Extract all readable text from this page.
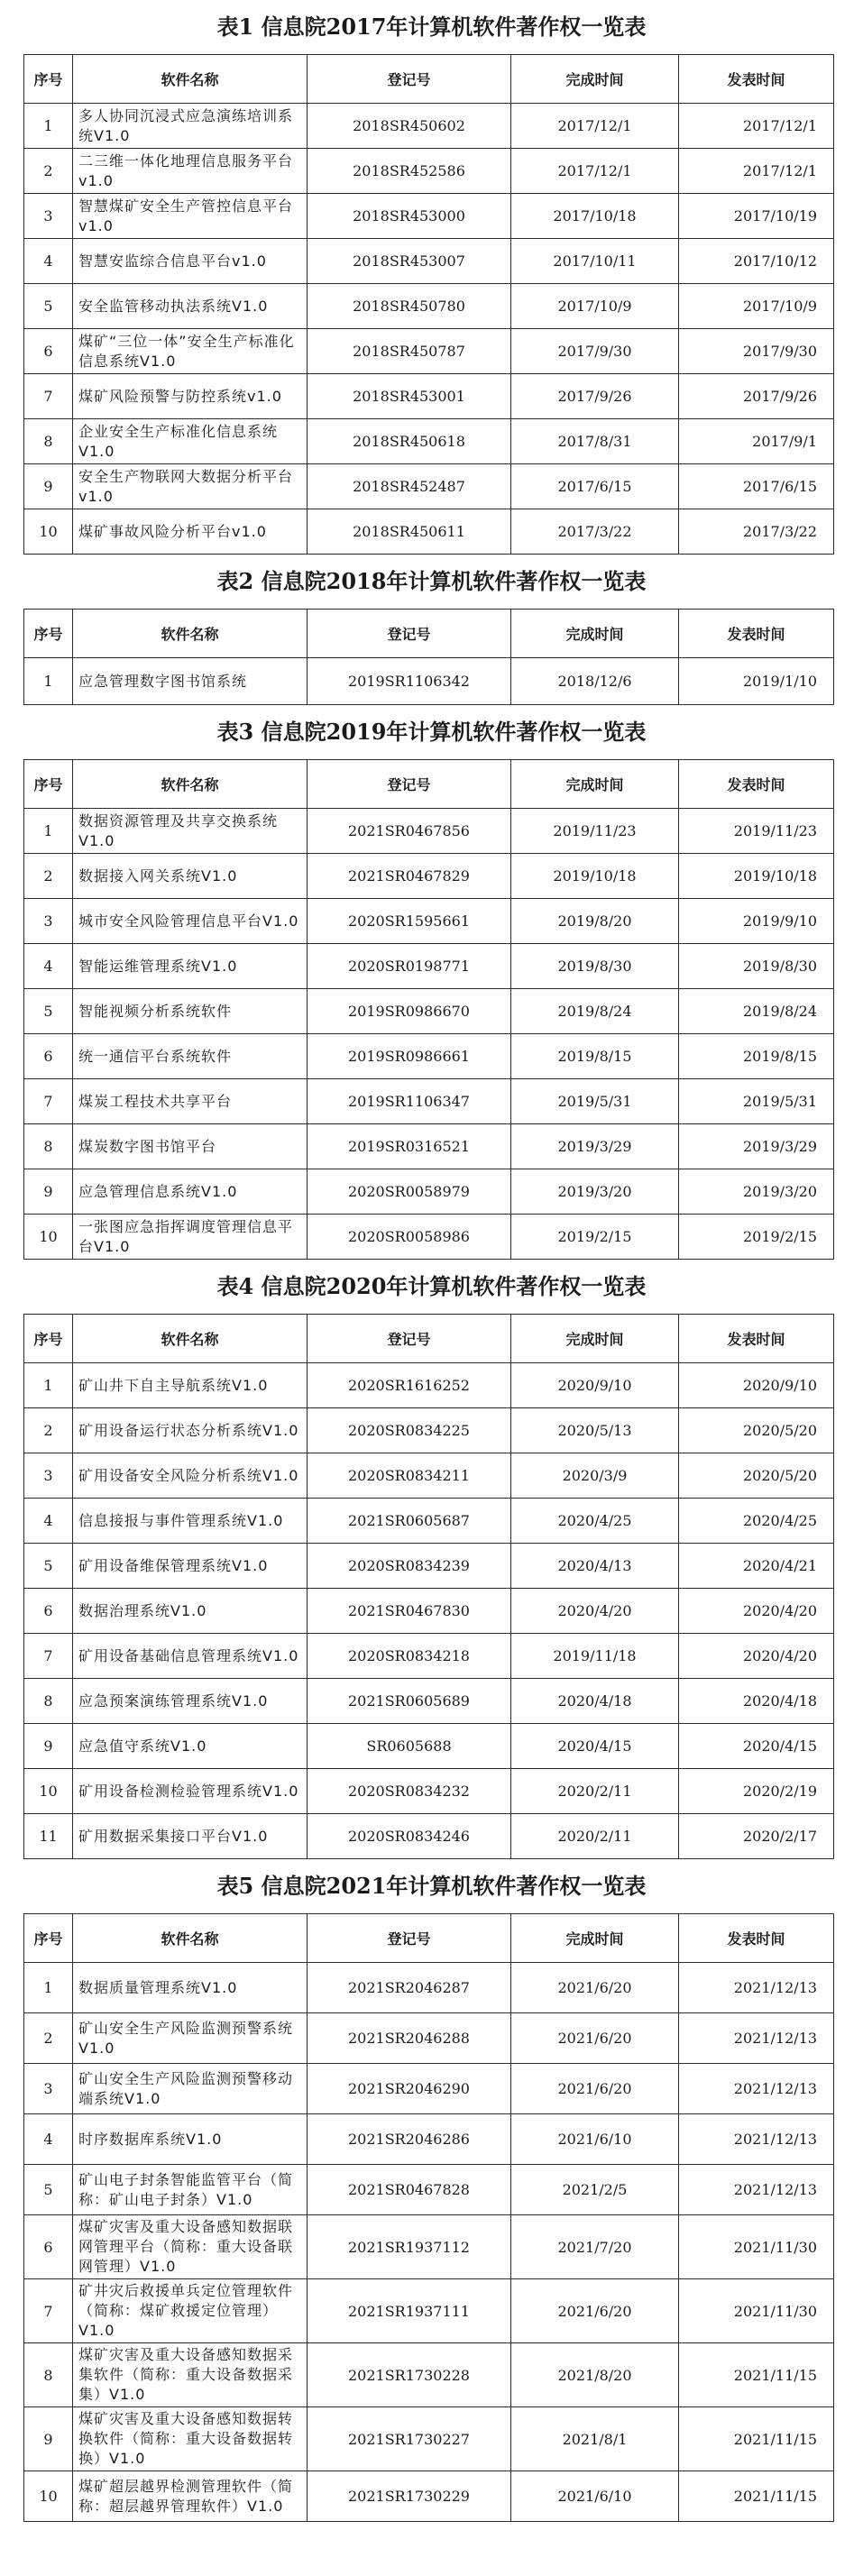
表1 信息院2017年计算机软件著作权一览表
序号	软件名称	登记号	完成时间	发表时间
1	多人协同沉浸式应急演练培训系统V1.0	2018SR450602	2017/12/1	2017/12/1
2	二三维一体化地理信息服务平台v1.0	2018SR452586	2017/12/1	2017/12/1
3	智慧煤矿安全生产管控信息平台v1.0	2018SR453000	2017/10/18	2017/10/19
4	智慧安监综合信息平台v1.0	2018SR453007	2017/10/11	2017/10/12
5	安全监管移动执法系统V1.0	2018SR450780	2017/10/9	2017/10/9
6	煤矿“三位一体”安全生产标准化信息系统V1.0	2018SR450787	2017/9/30	2017/9/30
7	煤矿风险预警与防控系统v1.0	2018SR453001	2017/9/26	2017/9/26
8	企业安全生产标准化信息系统V1.0	2018SR450618	2017/8/31	2017/9/1
9	安全生产物联网大数据分析平台v1.0	2018SR452487	2017/6/15	2017/6/15
10	煤矿事故风险分析平台v1.0	2018SR450611	2017/3/22	2017/3/22
表2 信息院2018年计算机软件著作权一览表
序号	软件名称	登记号	完成时间	发表时间
1	应急管理数字图书馆系统	2019SR1106342	2018/12/6	2019/1/10
表3 信息院2019年计算机软件著作权一览表
序号	软件名称	登记号	完成时间	发表时间
1	数据资源管理及共享交换系统V1.0	2021SR0467856	2019/11/23	2019/11/23
2	数据接入网关系统V1.0	2021SR0467829	2019/10/18	2019/10/18
3	城市安全风险管理信息平台V1.0	2020SR1595661	2019/8/20	2019/9/10
4	智能运维管理系统V1.0	2020SR0198771	2019/8/30	2019/8/30
5	智能视频分析系统软件	2019SR0986670	2019/8/24	2019/8/24
6	统一通信平台系统软件	2019SR0986661	2019/8/15	2019/8/15
7	煤炭工程技术共享平台	2019SR1106347	2019/5/31	2019/5/31
8	煤炭数字图书馆平台	2019SR0316521	2019/3/29	2019/3/29
9	应急管理信息系统V1.0	2020SR0058979	2019/3/20	2019/3/20
10	一张图应急指挥调度管理信息平台V1.0	2020SR0058986	2019/2/15	2019/2/15
表4 信息院2020年计算机软件著作权一览表
序号	软件名称	登记号	完成时间	发表时间
1	矿山井下自主导航系统V1.0	2020SR1616252	2020/9/10	2020/9/10
2	矿用设备运行状态分析系统V1.0	2020SR0834225	2020/5/13	2020/5/20
3	矿用设备安全风险分析系统V1.0	2020SR0834211	2020/3/9	2020/5/20
4	信息接报与事件管理系统V1.0	2021SR0605687	2020/4/25	2020/4/25
5	矿用设备维保管理系统V1.0	2020SR0834239	2020/4/13	2020/4/21
6	数据治理系统V1.0	2021SR0467830	2020/4/20	2020/4/20
7	矿用设备基础信息管理系统V1.0	2020SR0834218	2019/11/18	2020/4/20
8	应急预案演练管理系统V1.0	2021SR0605689	2020/4/18	2020/4/18
9	应急值守系统V1.0	SR0605688	2020/4/15	2020/4/15
10	矿用设备检测检验管理系统V1.0	2020SR0834232	2020/2/11	2020/2/19
11	矿用数据采集接口平台V1.0	2020SR0834246	2020/2/11	2020/2/17
表5 信息院2021年计算机软件著作权一览表
序号	软件名称	登记号	完成时间	发表时间
1	数据质量管理系统V1.0	2021SR2046287	2021/6/20	2021/12/13
2	矿山安全生产风险监测预警系统V1.0	2021SR2046288	2021/6/20	2021/12/13
3	矿山安全生产风险监测预警移动端系统V1.0	2021SR2046290	2021/6/20	2021/12/13
4	时序数据库系统V1.0	2021SR2046286	2021/6/10	2021/12/13
5	矿山电子封条智能监管平台（简称：矿山电子封条）V1.0	2021SR0467828	2021/2/5	2021/12/13
6	煤矿灾害及重大设备感知数据联网管理平台（简称：重大设备联网管理）V1.0	2021SR1937112	2021/7/20	2021/11/30
7	矿井灾后救援单兵定位管理软件（简称：煤矿救援定位管理）V1.0	2021SR1937111	2021/6/20	2021/11/30
8	煤矿灾害及重大设备感知数据采集软件（简称：重大设备数据采集）V1.0	2021SR1730228	2021/8/20	2021/11/15
9	煤矿灾害及重大设备感知数据转换软件（简称：重大设备数据转换）V1.0	2021SR1730227	2021/8/1	2021/11/15
10	煤矿超层越界检测管理软件（简称：超层越界管理软件）V1.0	2021SR1730229	2021/6/10	2021/11/15
